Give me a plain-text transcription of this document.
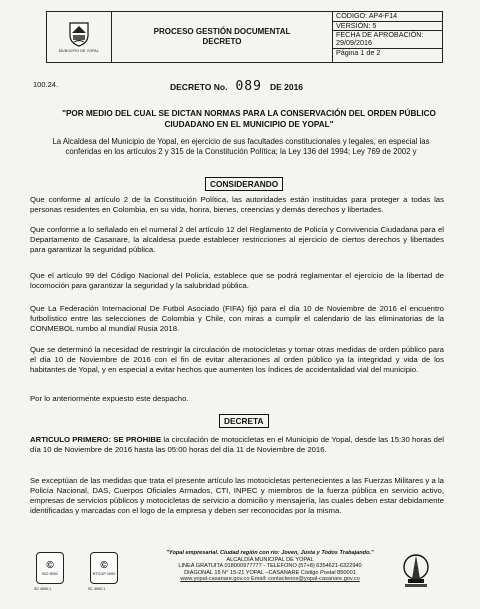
MUNICIPIO DE YOPAL
PROCESO GESTIÓN DOCUMENTAL
DECRETO
CÓDIGO: AP4-F14
VERSIÓN: 5
FECHA DE APROBACIÓN:
29/09/2016
Página 1 de 2
100.24.	DECRETO No. 089 DE 2016
"POR MEDIO DEL CUAL SE DICTAN NORMAS PARA LA CONSERVACIÓN DEL ORDEN PÚBLICO CIUDADANO EN EL MUNICIPIO DE YOPAL"
La Alcaldesa del Municipio de Yopal, en ejercicio de sus facultades constitucionales y legales, en especial las conferidas en los artículos 2 y 315 de la Constitución Política; la Ley 136 del 1994; Ley 769 de 2002 y
CONSIDERANDO
Que conforme al artículo 2 de la Constitución Política, las autoridades están instituidas para proteger a todas las personas residentes en Colombia, en su vida, honra, bienes, creencias y demás derechos y libertades.
Que conforme a lo señalado en el numeral 2 del artículo 12 del Reglamento de Policía y Convivencia Ciudadana para el Departamento de Casanare, la alcaldesa puede establecer restricciones al ejercicio de ciertos derechos y libertades para garantizar la seguridad pública.
Que el artículo 99 del Código Nacional del Policía, establece que se podrá reglamentar el ejercicio de la libertad de locomoción para garantizar la seguridad y la salubridad pública.
Que La Federación Internacional De Futbol Asociado (FIFA) fijó para el día 10 de Noviembre de 2016 el encuentro futbolístico entre las selecciones de Colombia y Chile, con miras a cumplir el calendario de las eliminatorias de la CONMEBOL rumbo al mundial Rusia 2018.
Que se determinó la necesidad de restringir la circulación de motocicletas y tomar otras medidas de orden público para el día 10 de Noviembre de 2016 con el fin de evitar alteraciones al orden público ya la integridad y vida de los habitantes de Yopal, y en especial a evitar hechos que aumenten los índices de accidentalidad vial del municipio.
Por lo anteriormente expuesto este despacho.
DECRETA
ARTICULO PRIMERO: SE PROHIBE la circulación de motocicletas en el Municipio de Yopal, desde las 15:30 horas del día 10 de Noviembre de 2016 hasta las 05:00 horas del día 11 de Noviembre de 2016.
Se exceptúan de las medidas que trata el presente artículo las motocicletas pertenecientes a las Fuerzas Militares y a la Policía Nacional, DAS, Cuerpos Oficiales Armados, CTI, INPEC y miembros de la fuerza pública en servicio activo, empresas de servicios públicos y motocicletas de servicio a domicilio y mensajería, las cuales deben estar debidamente identificadas y marcadas con el logo de la empresa y deben ser reconocidas por la misma.
©
ISO 9001
©
NTCGP 1000
SC 4590-1	SC 4590-1
"Yopal empresarial. Ciudad región con rio: Joven, Justa y Todos Trabajando."
ALCALDÍA MUNICIPAL DE YOPAL
LINEA GRATUITA 018000977777 - TELEFONO (57+8) 6354621-6322940
DIAGONAL 15 N° 15-21 YOPAL –CASANARE Código Postal 850001
www.yopal-casanare.gov.co Email: contactenos@yopal-casanare.gov.co
